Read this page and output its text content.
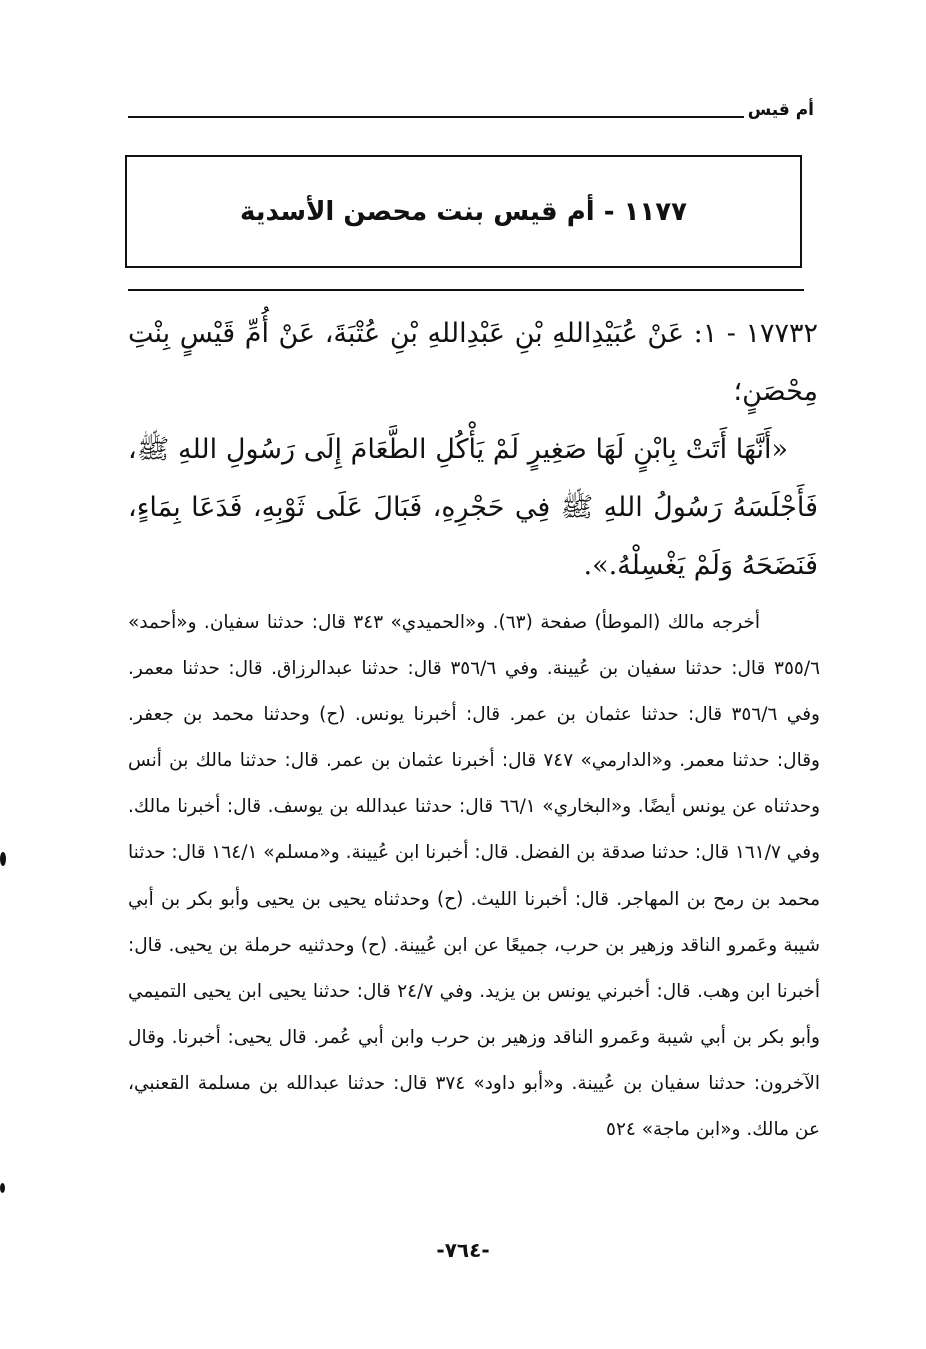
أم قيس
١١٧٧ - أم قيس بنت محصن الأسدية

١٧٧٣٢ - ١: عَنْ عُبَيْدِاللهِ بْنِ عَبْدِاللهِ بْنِ عُتْبَةَ، عَنْ أُمِّ قَيْسٍ بِنْتِ مِحْصَنٍ؛

«أَنَّهَا أَتَتْ بِابْنٍ لَهَا صَغِيرٍ لَمْ يَأْكُلِ الطَّعَامَ إِلَى رَسُولِ اللهِ ﷺ، فَأَجْلَسَهُ رَسُولُ اللهِ ﷺ فِي حَجْرِهِ، فَبَالَ عَلَى ثَوْبِهِ، فَدَعَا بِمَاءٍ، فَنَضَحَهُ وَلَمْ يَغْسِلْهُ.».

أخرجه مالك (الموطأ) صفحة (٦٣). و«الحميدي» ٣٤٣ قال: حدثنا سفيان. و«أحمد» ٣٥٥/٦ قال: حدثنا سفيان بن عُيينة. وفي ٣٥٦/٦ قال: حدثنا عبدالرزاق. قال: حدثنا معمر. وفي ٣٥٦/٦ قال: حدثنا عثمان بن عمر. قال: أخبرنا يونس. (ح) وحدثنا محمد بن جعفر. وقال: حدثنا معمر. و«الدارمي» ٧٤٧ قال: أخبرنا عثمان بن عمر. قال: حدثنا مالك بن أنس وحدثناه عن يونس أيضًا. و«البخاري» ٦٦/١ قال: حدثنا عبدالله بن يوسف. قال: أخبرنا مالك. وفي ١٦١/٧ قال: حدثنا صدقة بن الفضل. قال: أخبرنا ابن عُيينة. و«مسلم» ١٦٤/١ قال: حدثنا محمد بن رمح بن المهاجر. قال: أخبرنا الليث. (ح) وحدثناه يحيى بن يحيى وأبو بكر بن أبي شيبة وعَمرو الناقد وزهير بن حرب، جميعًا عن ابن عُيينة. (ح) وحدثنيه حرملة بن يحيى. قال: أخبرنا ابن وهب. قال: أخبرني يونس بن يزيد. وفي ٢٤/٧ قال: حدثنا يحيى ابن يحيى التميمي وأبو بكر بن أبي شيبة وعَمرو الناقد وزهير بن حرب وابن أبي عُمر. قال يحيى: أخبرنا. وقال الآخرون: حدثنا سفيان بن عُيينة. و«أبو داود» ٣٧٤ قال: حدثنا عبدالله بن مسلمة القعنبي، عن مالك. و«ابن ماجة» ٥٢٤

-٧٦٤-
